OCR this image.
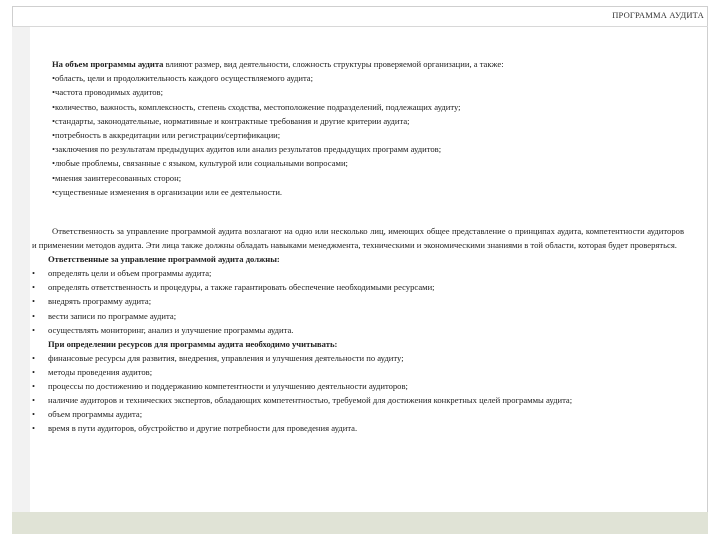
ПРОГРАММА АУДИТА

На объем программы аудита влияют размер, вид деятельности, сложность структуры проверяемой организации, а также:

•область, цели и продолжительность каждого осуществляемого аудита;

•частота проводимых аудитов;

•количество, важность, комплексность, степень сходства, местоположение подразделений, подлежащих аудиту;

•стандарты, законодательные, нормативные и контрактные требования и другие критерии аудита;

•потребность в аккредитации или регистрации/сертификации;

•заключения по результатам предыдущих аудитов или анализ результатов предыдущих программ аудитов;

•любые проблемы, связанные с языком, культурой или социальными вопросами;

•мнения заинтересованных сторон;

•существенные изменения в организации или ее деятельности.

Ответственность за управление программой аудита возлагают на одно или несколько лиц, имеющих общее представление о принципах аудита, компетентности аудиторов и применении методов аудита. Эти лица также должны обладать навыками менеджмента, техническими и экономическими знаниями в той области, которая будет проверяться.

Ответственные за управление программой аудита должны:

• определять цели и объем программы аудита;

• определять ответственность и процедуры, а также гарантировать обеспечение необходимыми ресурсами;

• внедрять программу аудита;

• вести записи по программе аудита;

• осуществлять мониторинг, анализ и улучшение программы аудита.

При определении ресурсов для программы аудита необходимо учитывать:

• финансовые ресурсы для развития, внедрения, управления и улучшения деятельности по аудиту;

• методы проведения аудитов;

• процессы по достижению и поддержанию компетентности и улучшению деятельности аудиторов;

• наличие аудиторов и технических экспертов, обладающих компетентностью, требуемой для достижения конкретных целей программы аудита;

• объем программы аудита;

• время в пути аудиторов, обустройство и другие потребности для проведения аудита.
